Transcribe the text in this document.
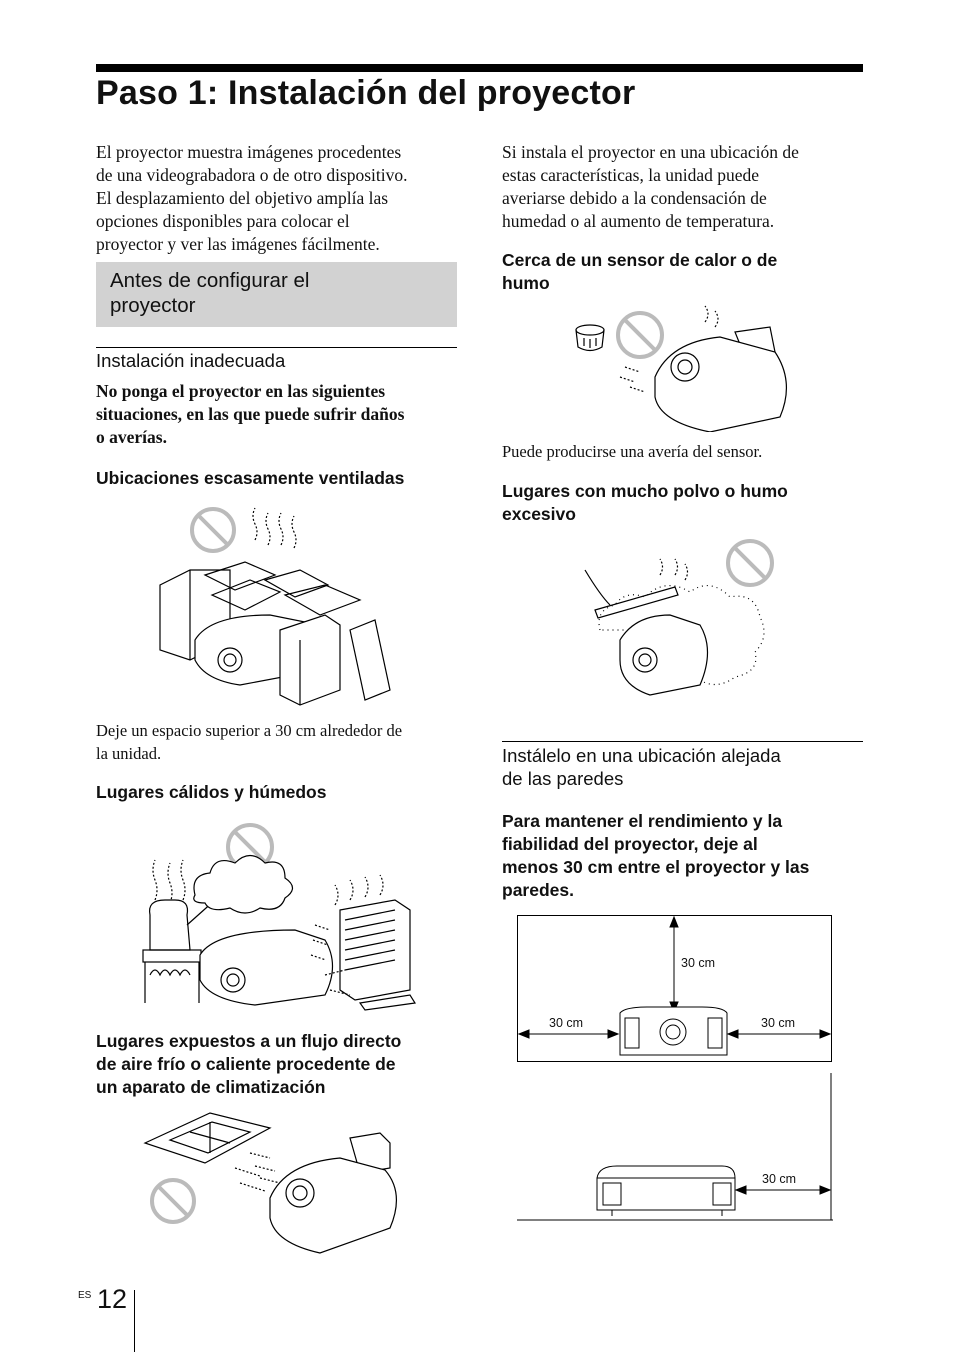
Paso 1: Instalación del proyector
El proyector muestra imágenes procedentes
de una videograbadora o de otro dispositivo.
El desplazamiento del objetivo amplía las
opciones disponibles para colocar el
proyector y ver las imágenes fácilmente.
Antes de configurar el
proyector
Instalación inadecuada
No ponga el proyector en las siguientes
situaciones, en las que puede sufrir daños
o averías.
Ubicaciones escasamente ventiladas
Deje un espacio superior a 30 cm alrededor de
la unidad.
Lugares cálidos y húmedos
Lugares expuestos a un flujo directo
de aire frío o caliente procedente de
un aparato de climatización
Si instala el proyector en una ubicación de
estas características, la unidad puede
averiarse debido a la condensación de
humedad o al aumento de temperatura.
Cerca de un sensor de calor o de
humo
Puede producirse una avería del sensor.
Lugares con mucho polvo o humo
excesivo
Instálelo en una ubicación alejada
de las paredes
Para mantener el rendimiento y la
fiabilidad del proyector, deje al
menos 30 cm entre el proyector y las
paredes.
30 cm
30 cm	30 cm
30 cm
ES 12
